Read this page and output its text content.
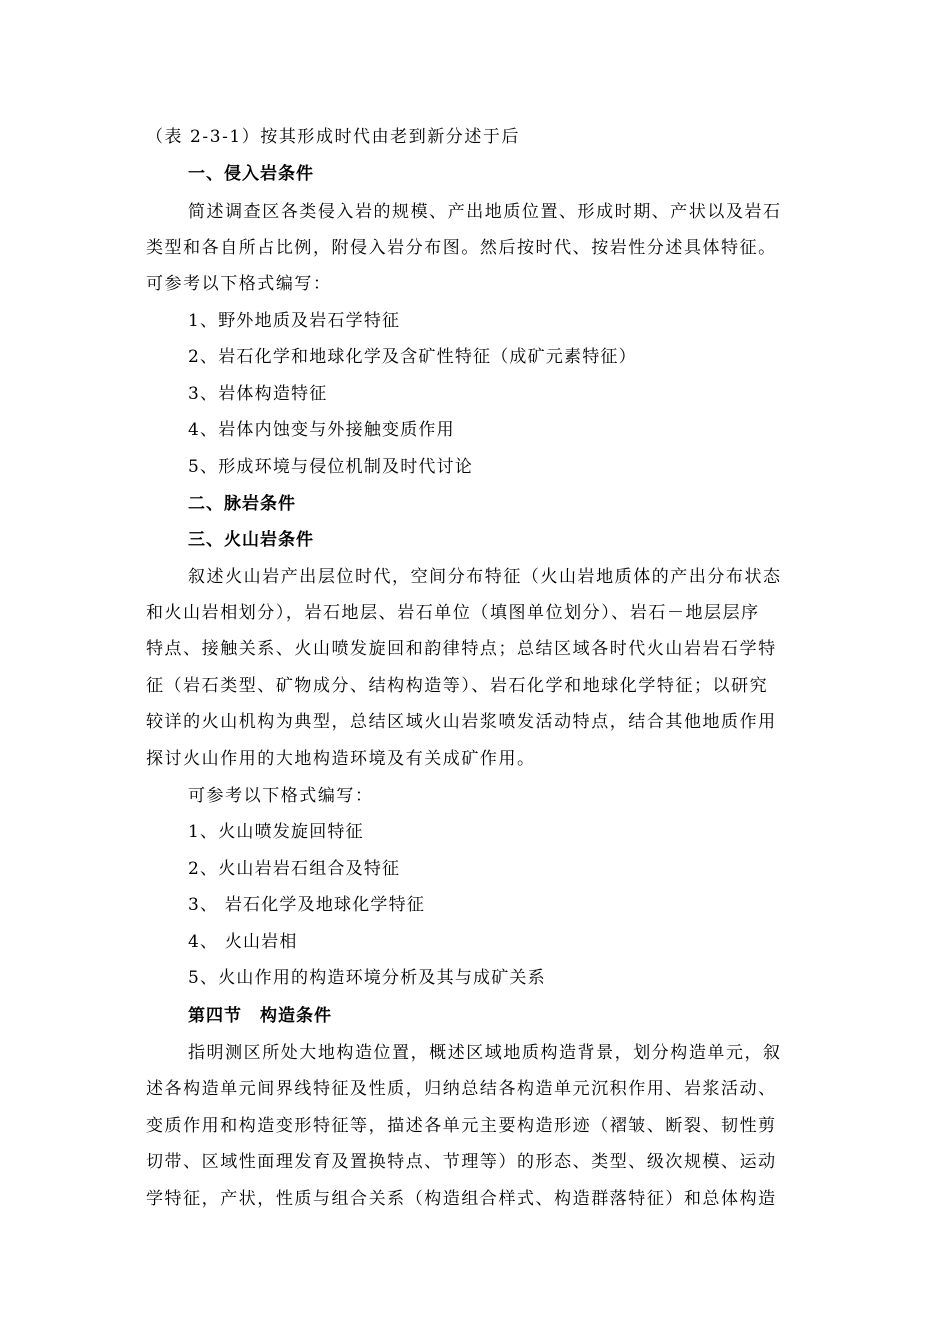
（表 2-3-1）按其形成时代由老到新分述于后
一、侵入岩条件
简述调查区各类侵入岩的规模、产出地质位置、形成时期、产状以及岩石
类型和各自所占比例，附侵入岩分布图。然后按时代、按岩性分述具体特征。
可参考以下格式编写：
1、野外地质及岩石学特征
2、岩石化学和地球化学及含矿性特征（成矿元素特征）
3、岩体构造特征
4、岩体内蚀变与外接触变质作用
5、形成环境与侵位机制及时代讨论
二、脉岩条件
三、火山岩条件
叙述火山岩产出层位时代，空间分布特征（火山岩地质体的产出分布状态
和火山岩相划分），岩石地层、岩石单位（填图单位划分）、岩石－地层层序
特点、接触关系、火山喷发旋回和韵律特点；总结区域各时代火山岩岩石学特
征（岩石类型、矿物成分、结构构造等）、岩石化学和地球化学特征；以研究
较详的火山机构为典型，总结区域火山岩浆喷发活动特点，结合其他地质作用
探讨火山作用的大地构造环境及有关成矿作用。
可参考以下格式编写：
1、火山喷发旋回特征
2、火山岩岩石组合及特征
3、 岩石化学及地球化学特征
4、 火山岩相
5、火山作用的构造环境分析及其与成矿关系
第四节　构造条件
指明测区所处大地构造位置，概述区域地质构造背景，划分构造单元，叙
述各构造单元间界线特征及性质，归纳总结各构造单元沉积作用、岩浆活动、
变质作用和构造变形特征等，描述各单元主要构造形迹（褶皱、断裂、韧性剪
切带、区域性面理发育及置换特点、节理等）的形态、类型、级次规模、运动
学特征，产状，性质与组合关系（构造组合样式、构造群落特征）和总体构造
